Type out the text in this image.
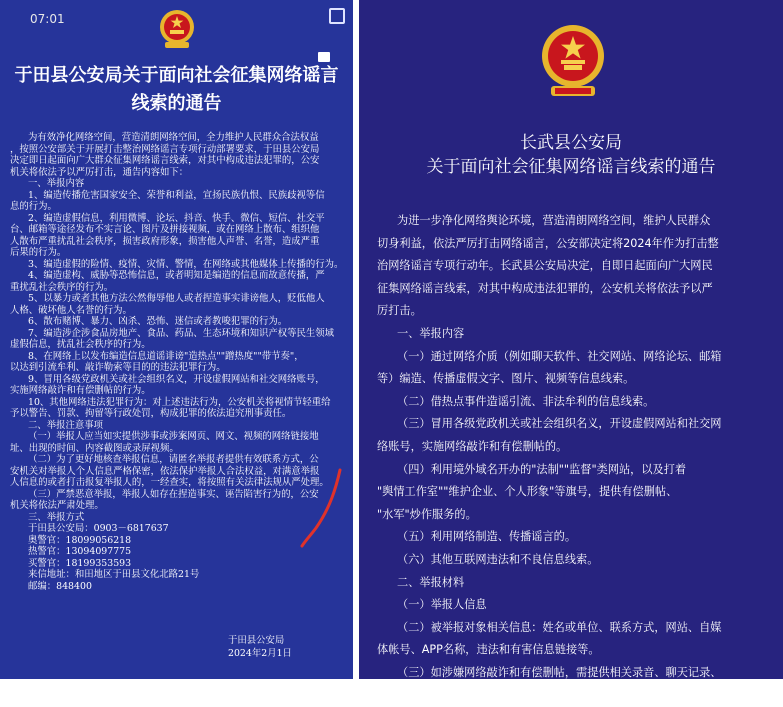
07:01
于田县公安局关于面向社会征集网络谣言
线索的通告

为有效净化网络空间，营造清朗网络空间，全力维护人民群众合法权益

，按照公安部关于开展打击整治网络谣言专项行动部署要求，于田县公安局

决定即日起面向广大群众征集网络谣言线索，对其中构成违法犯罪的，公安

机关将依法予以严厉打击，通告内容如下：

一、举报内容

1、编造传播危害国家安全、荣誉和利益，宣扬民族仇恨、民族歧视等信

息的行为。

2、编造虚假信息，利用微博、论坛、抖音、快手、微信、短信、社交平

台、邮箱等途径发布不实言论、图片及拼接视频，或在网络上散布、组织他

人散布严重扰乱社会秩序，损害政府形象，损害他人声誉、名誉，造成严重

后果的行为。

3、编造虚假的险情、疫情、灾情、警情，在网络或其他媒体上传播的行为。

4、编造虚构、威胁等恐怖信息，或者明知是编造的信息而故意传播，严

重扰乱社会秩序的行为。

5、以暴力或者其他方法公然侮辱他人或者捏造事实诽谤他人，贬低他人

人格、破坏他人名誉的行为。

6、散布赌博、暴力、凶杀、恐怖、迷信或者教唆犯罪的行为。

7、编造涉企涉食品房地产、食品、药品、生态环境和知识产权等民生领域

虚假信息，扰乱社会秩序的行为。

8、在网络上以发布编造信息道谣诽谤"造热点""蹭热度""带节奏"，

以达到引流牟利、敲诈勒索等目的的违法犯罪行为。

9、冒用各级党政机关或社会组织名义，开设虚假网站和社交网络账号，

实施网络敲诈和有偿删帖的行为。

10、其他网络违法犯罪行为：对上述违法行为，公安机关将视情节轻重给

予以警告、罚款、拘留等行政处罚，构成犯罪的依法追究刑事责任。

二、举报注意事项

（一）举报人应当如实提供涉事或涉案网页、网文、视频的网络链接地

址、出现的时间、内容截图或录屏视频。

（二）为了更好地核查举报信息，请匿名举报者提供有效联系方式，公

安机关对举报人个人信息严格保密，依法保护举报人合法权益，对满意举报

人信息的或者打击报复举报人的，一经查实，将按照有关法律法规从严处理。

（三）严禁恶意举报，举报人如存在捏造事实、诬告陷害行为的，公安

机关将依法严肃处理。

三、举报方式

于田县公安局：0903－6817637

奥警官：18099056218

热警官：13094097775

买警官：18199353593

来信地址：和田地区于田县文化北路21号

邮编：848400

于田县公安局
2024年2月1日
长武县公安局
关于面向社会征集网络谣言线索的通告

为进一步净化网络舆论环境，营造清朗网络空间，维护人民群众

切身利益，依法严厉打击网络谣言，公安部决定将2024年作为打击整

治网络谣言专项行动年。长武县公安局决定，自即日起面向广大网民

征集网络谣言线索，对其中构成违法犯罪的，公安机关将依法予以严

厉打击。

一、举报内容

（一）通过网络介质（例如聊天软件、社交网站、网络论坛、邮箱

等）编造、传播虚假文字、图片、视频等信息线索。

（二）借热点事件造谣引流、非法牟利的信息线索。

（三）冒用各级党政机关或社会组织名义，开设虚假网站和社交网

络账号，实施网络敲诈和有偿删帖的。

（四）利用境外域名开办的"法制""监督"类网站，以及打着

"舆情工作室""维护企业、个人形象"等旗号，提供有偿删帖、

"水军"炒作服务的。

（五）利用网络制造、传播谣言的。

（六）其他互联网违法和不良信息线索。

二、举报材料

（一）举报人信息

（二）被举报对象相关信息：姓名或单位、联系方式，网站、自媒

体帐号、APP名称，违法和有害信息链接等。

（三）如涉嫌网络敲诈和有偿删帖，需提供相关录音、聊天记录、

汇款凭证等证据材料。
